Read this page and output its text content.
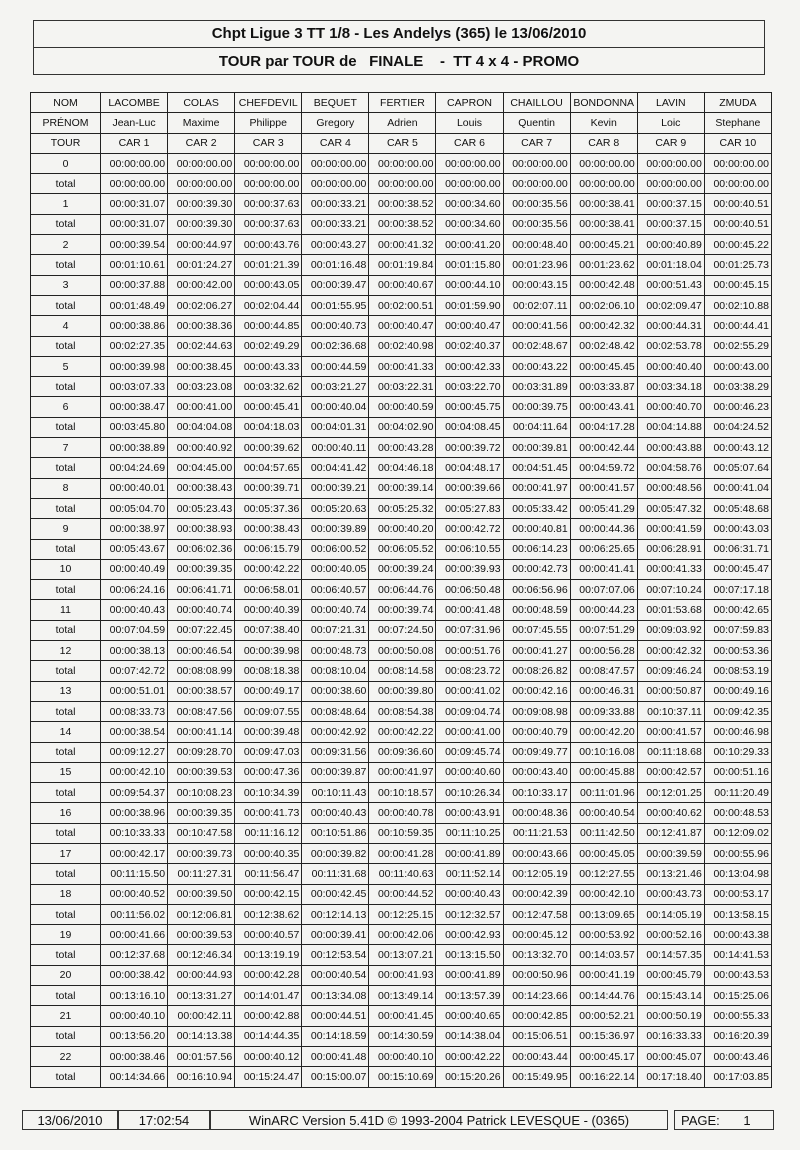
Chpt Ligue 3 TT 1/8 - Les Andelys (365) le 13/06/2010
TOUR par TOUR de   FINALE    -  TT 4 x 4 - PROMO
NOM	LACOMBE	COLAS	CHEFDEVIL	BEQUET	FERTIER	CAPRON	CHAILLOU	BONDONNA	LAVIN	ZMUDA
PRÉNOM	Jean-Luc	Maxime	Philippe	Gregory	Adrien	Louis	Quentin	Kevin	Loic	Stephane
TOUR	CAR 1	CAR 2	CAR 3	CAR 4	CAR 5	CAR 6	CAR 7	CAR 8	CAR 9	CAR 10
0	00:00:00.00	00:00:00.00	00:00:00.00	00:00:00.00	00:00:00.00	00:00:00.00	00:00:00.00	00:00:00.00	00:00:00.00	00:00:00.00
total	00:00:00.00	00:00:00.00	00:00:00.00	00:00:00.00	00:00:00.00	00:00:00.00	00:00:00.00	00:00:00.00	00:00:00.00	00:00:00.00
1	00:00:31.07	00:00:39.30	00:00:37.63	00:00:33.21	00:00:38.52	00:00:34.60	00:00:35.56	00:00:38.41	00:00:37.15	00:00:40.51
total	00:00:31.07	00:00:39.30	00:00:37.63	00:00:33.21	00:00:38.52	00:00:34.60	00:00:35.56	00:00:38.41	00:00:37.15	00:00:40.51
2	00:00:39.54	00:00:44.97	00:00:43.76	00:00:43.27	00:00:41.32	00:00:41.20	00:00:48.40	00:00:45.21	00:00:40.89	00:00:45.22
total	00:01:10.61	00:01:24.27	00:01:21.39	00:01:16.48	00:01:19.84	00:01:15.80	00:01:23.96	00:01:23.62	00:01:18.04	00:01:25.73
3	00:00:37.88	00:00:42.00	00:00:43.05	00:00:39.47	00:00:40.67	00:00:44.10	00:00:43.15	00:00:42.48	00:00:51.43	00:00:45.15
total	00:01:48.49	00:02:06.27	00:02:04.44	00:01:55.95	00:02:00.51	00:01:59.90	00:02:07.11	00:02:06.10	00:02:09.47	00:02:10.88
4	00:00:38.86	00:00:38.36	00:00:44.85	00:00:40.73	00:00:40.47	00:00:40.47	00:00:41.56	00:00:42.32	00:00:44.31	00:00:44.41
total	00:02:27.35	00:02:44.63	00:02:49.29	00:02:36.68	00:02:40.98	00:02:40.37	00:02:48.67	00:02:48.42	00:02:53.78	00:02:55.29
5	00:00:39.98	00:00:38.45	00:00:43.33	00:00:44.59	00:00:41.33	00:00:42.33	00:00:43.22	00:00:45.45	00:00:40.40	00:00:43.00
total	00:03:07.33	00:03:23.08	00:03:32.62	00:03:21.27	00:03:22.31	00:03:22.70	00:03:31.89	00:03:33.87	00:03:34.18	00:03:38.29
6	00:00:38.47	00:00:41.00	00:00:45.41	00:00:40.04	00:00:40.59	00:00:45.75	00:00:39.75	00:00:43.41	00:00:40.70	00:00:46.23
total	00:03:45.80	00:04:04.08	00:04:18.03	00:04:01.31	00:04:02.90	00:04:08.45	00:04:11.64	00:04:17.28	00:04:14.88	00:04:24.52
7	00:00:38.89	00:00:40.92	00:00:39.62	00:00:40.11	00:00:43.28	00:00:39.72	00:00:39.81	00:00:42.44	00:00:43.88	00:00:43.12
total	00:04:24.69	00:04:45.00	00:04:57.65	00:04:41.42	00:04:46.18	00:04:48.17	00:04:51.45	00:04:59.72	00:04:58.76	00:05:07.64
8	00:00:40.01	00:00:38.43	00:00:39.71	00:00:39.21	00:00:39.14	00:00:39.66	00:00:41.97	00:00:41.57	00:00:48.56	00:00:41.04
total	00:05:04.70	00:05:23.43	00:05:37.36	00:05:20.63	00:05:25.32	00:05:27.83	00:05:33.42	00:05:41.29	00:05:47.32	00:05:48.68
9	00:00:38.97	00:00:38.93	00:00:38.43	00:00:39.89	00:00:40.20	00:00:42.72	00:00:40.81	00:00:44.36	00:00:41.59	00:00:43.03
total	00:05:43.67	00:06:02.36	00:06:15.79	00:06:00.52	00:06:05.52	00:06:10.55	00:06:14.23	00:06:25.65	00:06:28.91	00:06:31.71
10	00:00:40.49	00:00:39.35	00:00:42.22	00:00:40.05	00:00:39.24	00:00:39.93	00:00:42.73	00:00:41.41	00:00:41.33	00:00:45.47
total	00:06:24.16	00:06:41.71	00:06:58.01	00:06:40.57	00:06:44.76	00:06:50.48	00:06:56.96	00:07:07.06	00:07:10.24	00:07:17.18
11	00:00:40.43	00:00:40.74	00:00:40.39	00:00:40.74	00:00:39.74	00:00:41.48	00:00:48.59	00:00:44.23	00:01:53.68	00:00:42.65
total	00:07:04.59	00:07:22.45	00:07:38.40	00:07:21.31	00:07:24.50	00:07:31.96	00:07:45.55	00:07:51.29	00:09:03.92	00:07:59.83
12	00:00:38.13	00:00:46.54	00:00:39.98	00:00:48.73	00:00:50.08	00:00:51.76	00:00:41.27	00:00:56.28	00:00:42.32	00:00:53.36
total	00:07:42.72	00:08:08.99	00:08:18.38	00:08:10.04	00:08:14.58	00:08:23.72	00:08:26.82	00:08:47.57	00:09:46.24	00:08:53.19
13	00:00:51.01	00:00:38.57	00:00:49.17	00:00:38.60	00:00:39.80	00:00:41.02	00:00:42.16	00:00:46.31	00:00:50.87	00:00:49.16
total	00:08:33.73	00:08:47.56	00:09:07.55	00:08:48.64	00:08:54.38	00:09:04.74	00:09:08.98	00:09:33.88	00:10:37.11	00:09:42.35
14	00:00:38.54	00:00:41.14	00:00:39.48	00:00:42.92	00:00:42.22	00:00:41.00	00:00:40.79	00:00:42.20	00:00:41.57	00:00:46.98
total	00:09:12.27	00:09:28.70	00:09:47.03	00:09:31.56	00:09:36.60	00:09:45.74	00:09:49.77	00:10:16.08	00:11:18.68	00:10:29.33
15	00:00:42.10	00:00:39.53	00:00:47.36	00:00:39.87	00:00:41.97	00:00:40.60	00:00:43.40	00:00:45.88	00:00:42.57	00:00:51.16
total	00:09:54.37	00:10:08.23	00:10:34.39	00:10:11.43	00:10:18.57	00:10:26.34	00:10:33.17	00:11:01.96	00:12:01.25	00:11:20.49
16	00:00:38.96	00:00:39.35	00:00:41.73	00:00:40.43	00:00:40.78	00:00:43.91	00:00:48.36	00:00:40.54	00:00:40.62	00:00:48.53
total	00:10:33.33	00:10:47.58	00:11:16.12	00:10:51.86	00:10:59.35	00:11:10.25	00:11:21.53	00:11:42.50	00:12:41.87	00:12:09.02
17	00:00:42.17	00:00:39.73	00:00:40.35	00:00:39.82	00:00:41.28	00:00:41.89	00:00:43.66	00:00:45.05	00:00:39.59	00:00:55.96
total	00:11:15.50	00:11:27.31	00:11:56.47	00:11:31.68	00:11:40.63	00:11:52.14	00:12:05.19	00:12:27.55	00:13:21.46	00:13:04.98
18	00:00:40.52	00:00:39.50	00:00:42.15	00:00:42.45	00:00:44.52	00:00:40.43	00:00:42.39	00:00:42.10	00:00:43.73	00:00:53.17
total	00:11:56.02	00:12:06.81	00:12:38.62	00:12:14.13	00:12:25.15	00:12:32.57	00:12:47.58	00:13:09.65	00:14:05.19	00:13:58.15
19	00:00:41.66	00:00:39.53	00:00:40.57	00:00:39.41	00:00:42.06	00:00:42.93	00:00:45.12	00:00:53.92	00:00:52.16	00:00:43.38
total	00:12:37.68	00:12:46.34	00:13:19.19	00:12:53.54	00:13:07.21	00:13:15.50	00:13:32.70	00:14:03.57	00:14:57.35	00:14:41.53
20	00:00:38.42	00:00:44.93	00:00:42.28	00:00:40.54	00:00:41.93	00:00:41.89	00:00:50.96	00:00:41.19	00:00:45.79	00:00:43.53
total	00:13:16.10	00:13:31.27	00:14:01.47	00:13:34.08	00:13:49.14	00:13:57.39	00:14:23.66	00:14:44.76	00:15:43.14	00:15:25.06
21	00:00:40.10	00:00:42.11	00:00:42.88	00:00:44.51	00:00:41.45	00:00:40.65	00:00:42.85	00:00:52.21	00:00:50.19	00:00:55.33
total	00:13:56.20	00:14:13.38	00:14:44.35	00:14:18.59	00:14:30.59	00:14:38.04	00:15:06.51	00:15:36.97	00:16:33.33	00:16:20.39
22	00:00:38.46	00:01:57.56	00:00:40.12	00:00:41.48	00:00:40.10	00:00:42.22	00:00:43.44	00:00:45.17	00:00:45.07	00:00:43.46
total	00:14:34.66	00:16:10.94	00:15:24.47	00:15:00.07	00:15:10.69	00:15:20.26	00:15:49.95	00:16:22.14	00:17:18.40	00:17:03.85
13/06/2010	17:02:54	WinARC Version 5.41D © 1993-2004 Patrick LEVESQUE - (0365)	PAGE: 1
